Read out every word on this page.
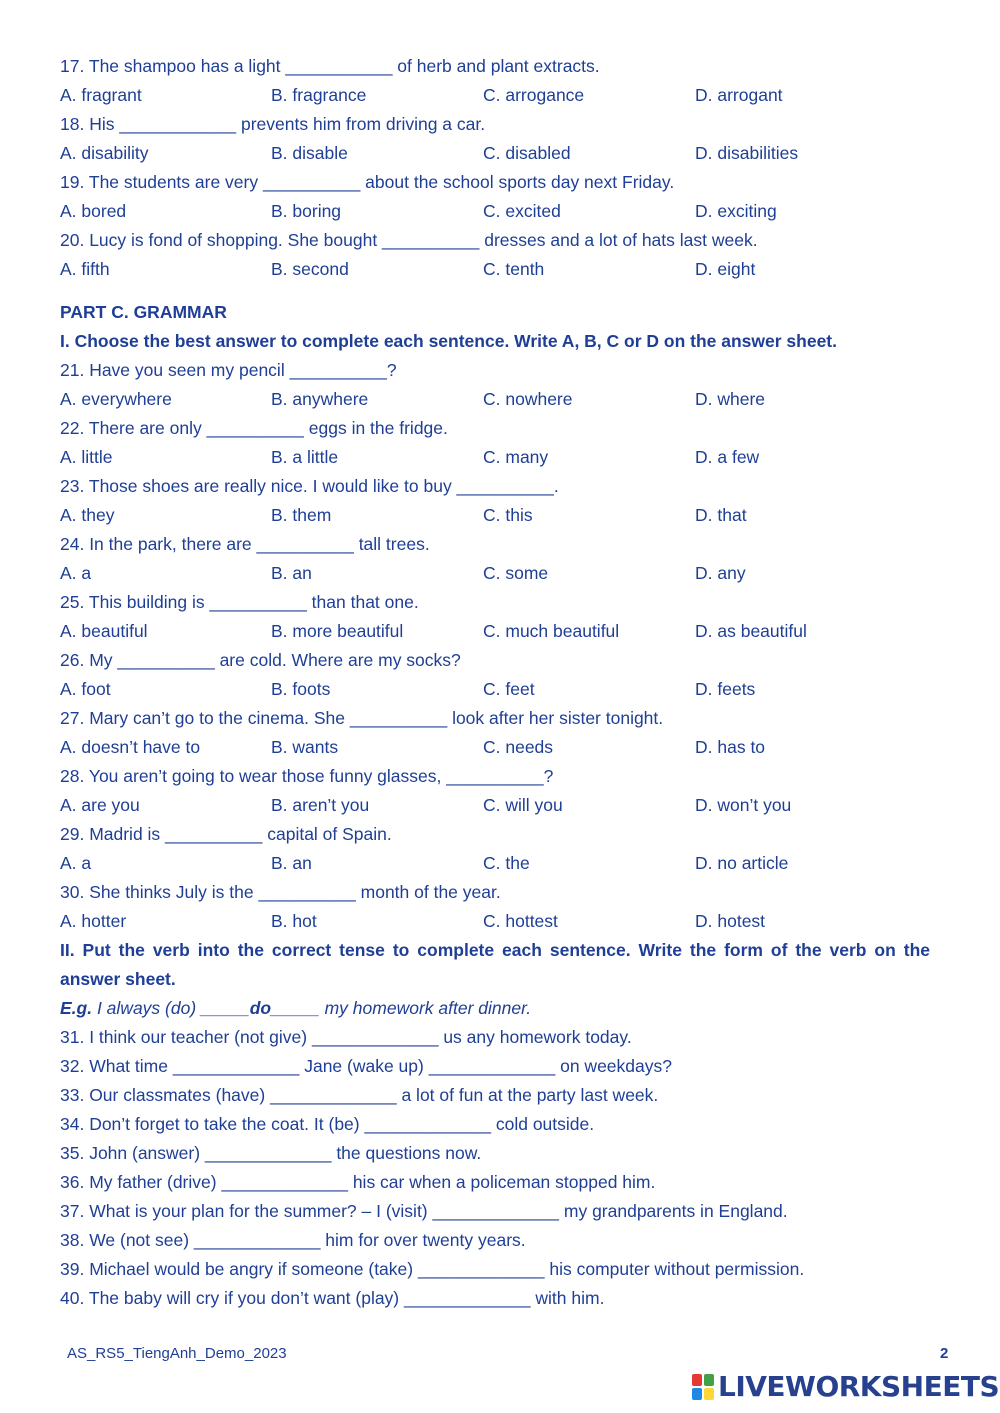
17. The shampoo has a light ___________ of herb and plant extracts.
A. fragrant	B. fragrance	C. arrogance	D. arrogant
18. His ____________ prevents him from driving a car.
A. disability	B. disable	C. disabled	D. disabilities
19. The students are very __________ about the school sports day next Friday.
A. bored	B. boring	C. excited	D. exciting
20. Lucy is fond of shopping. She bought __________ dresses and a lot of hats last week.
A. fifth	B. second	C. tenth	D. eight
PART C. GRAMMAR
I. Choose the best answer to complete each sentence. Write A, B, C or D on the answer sheet.
21. Have you seen my pencil __________?
A. everywhere	B. anywhere	C. nowhere	D. where
22. There are only __________ eggs in the fridge.
A. little	B. a little	C. many	D. a few
23. Those shoes are really nice. I would like to buy __________.
A. they	B. them	C. this	D. that
24. In the park, there are __________ tall trees.
A. a	B. an	C. some	D. any
25. This building is __________ than that one.
A. beautiful	B. more beautiful	C. much beautiful	D. as beautiful
26. My __________ are cold. Where are my socks?
A. foot	B. foots	C. feet	D. feets
27. Mary can’t go to the cinema. She __________ look after her sister tonight.
A. doesn’t have to	B. wants	C. needs	D. has to
28. You aren’t going to wear those funny glasses, __________?
A. are you	B. aren’t you	C. will you	D. won’t you
29. Madrid is __________ capital of Spain.
A. a	B. an	C. the	D. no article
30. She thinks July is the __________ month of the year.
A. hotter	B. hot	C. hottest	D. hotest
II. Put the verb into the correct tense to complete each sentence. Write the form of the verb on the answer sheet.
E.g. I always (do) _____do_____ my homework after dinner.
31. I think our teacher (not give) _____________ us any homework today.
32. What time _____________ Jane (wake up) _____________ on weekdays?
33. Our classmates (have) _____________ a lot of fun at the party last week.
34. Don’t forget to take the coat. It (be) _____________ cold outside.
35. John (answer) _____________ the questions now.
36. My father (drive) _____________ his car when a policeman stopped him.
37. What is your plan for the summer? – I (visit) _____________ my grandparents in England.
38. We (not see) _____________ him for over twenty years.
39. Michael would be angry if someone (take) _____________ his computer without permission.
40. The baby will cry if you don’t want (play) _____________ with him.
AS_RS5_TiengAnh_Demo_2023	2
LIVEWORKSHEETS
